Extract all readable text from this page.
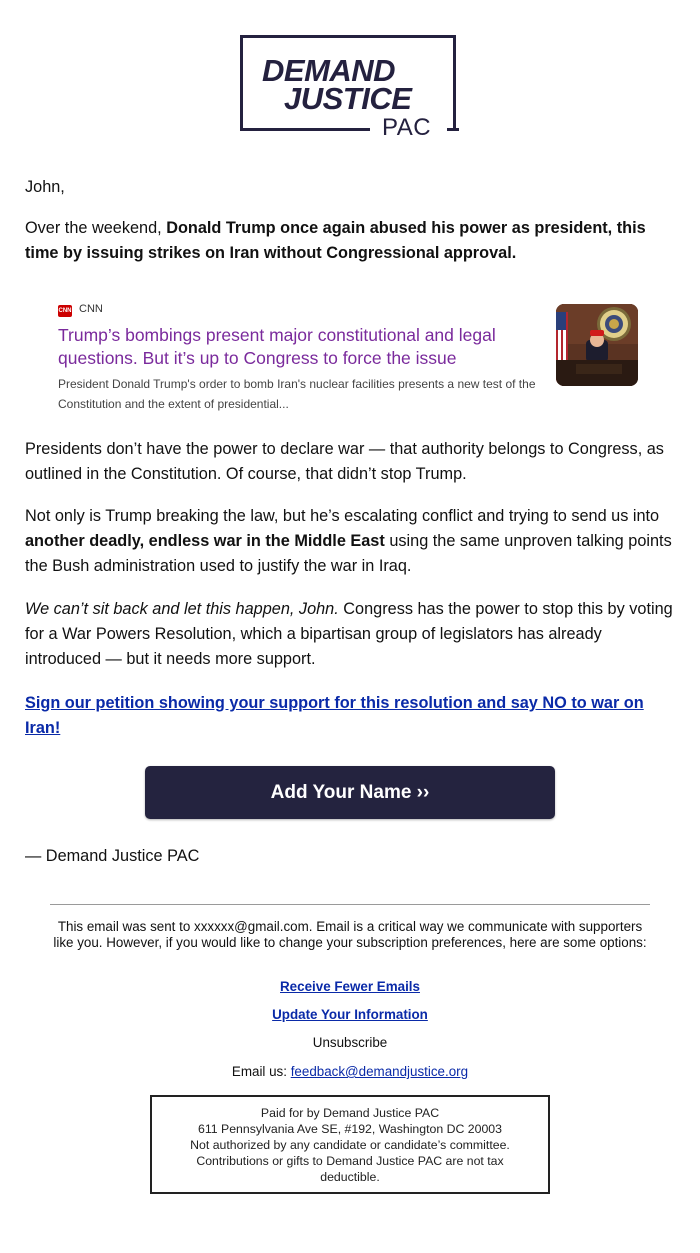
DEMAND
JUSTICE
PAC

John,

Over the weekend, Donald Trump once again abused his power as president, this time by issuing strikes on Iran without Congressional approval.

CNN CNN
Trump’s bombings present major constitutional and legal questions. But it’s up to Congress to force the issue
President Donald Trump's order to bomb Iran's nuclear facilities presents a new test of the Constitution and the extent of presidential...

Presidents don’t have the power to declare war — that authority belongs to Congress, as outlined in the Constitution. Of course, that didn’t stop Trump.

Not only is Trump breaking the law, but he’s escalating conflict and trying to send us into another deadly, endless war in the Middle East using the same unproven talking points the Bush administration used to justify the war in Iraq.

We can’t sit back and let this happen, John. Congress has the power to stop this by voting for a War Powers Resolution, which a bipartisan group of legislators has already introduced — but it needs more support.

Sign our petition showing your support for this resolution and say NO to war on Iran!
Add Your Name ››

— Demand Justice PAC

This email was sent to xxxxxx@gmail.com. Email is a critical way we communicate with supporters like you. However, if you would like to change your subscription preferences, here are some options:
Receive Fewer Emails
Update Your Information
Unsubscribe
Email us: feedback@demandjustice.org
Paid for by Demand Justice PAC
611 Pennsylvania Ave SE, #192, Washington DC 20003
Not authorized by any candidate or candidate’s committee.
Contributions or gifts to Demand Justice PAC are not tax deductible.
